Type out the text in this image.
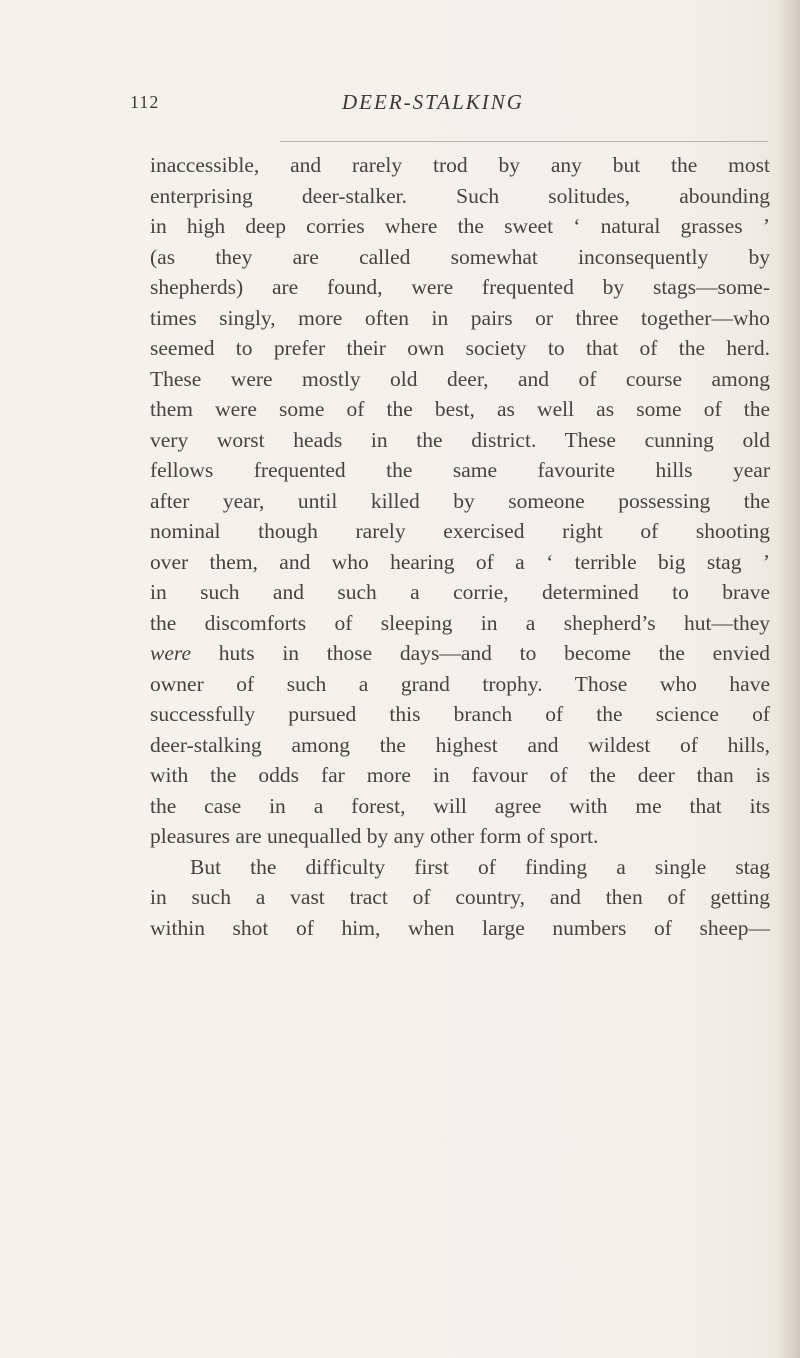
112	DEER-STALKING
inaccessible, and rarely trod by any but the most
enterprising deer-stalker. Such solitudes, abounding
in high deep corries where the sweet ‘ natural grasses ’
(as they are called somewhat inconsequently by
shepherds) are found, were frequented by stags—some-
times singly, more often in pairs or three together—who
seemed to prefer their own society to that of the herd.
These were mostly old deer, and of course among
them were some of the best, as well as some of the
very worst heads in the district. These cunning old
fellows frequented the same favourite hills year
after year, until killed by someone possessing the
nominal though rarely exercised right of shooting
over them, and who hearing of a ‘ terrible big stag ’
in such and such a corrie, determined to brave
the discomforts of sleeping in a shepherd’s hut—they
were huts in those days—and to become the envied
owner of such a grand trophy. Those who have
successfully pursued this branch of the science of
deer-stalking among the highest and wildest of hills,
with the odds far more in favour of the deer than is
the case in a forest, will agree with me that its
pleasures are unequalled by any other form of sport.
But the difficulty first of finding a single stag
in such a vast tract of country, and then of getting
within shot of him, when large numbers of sheep—
